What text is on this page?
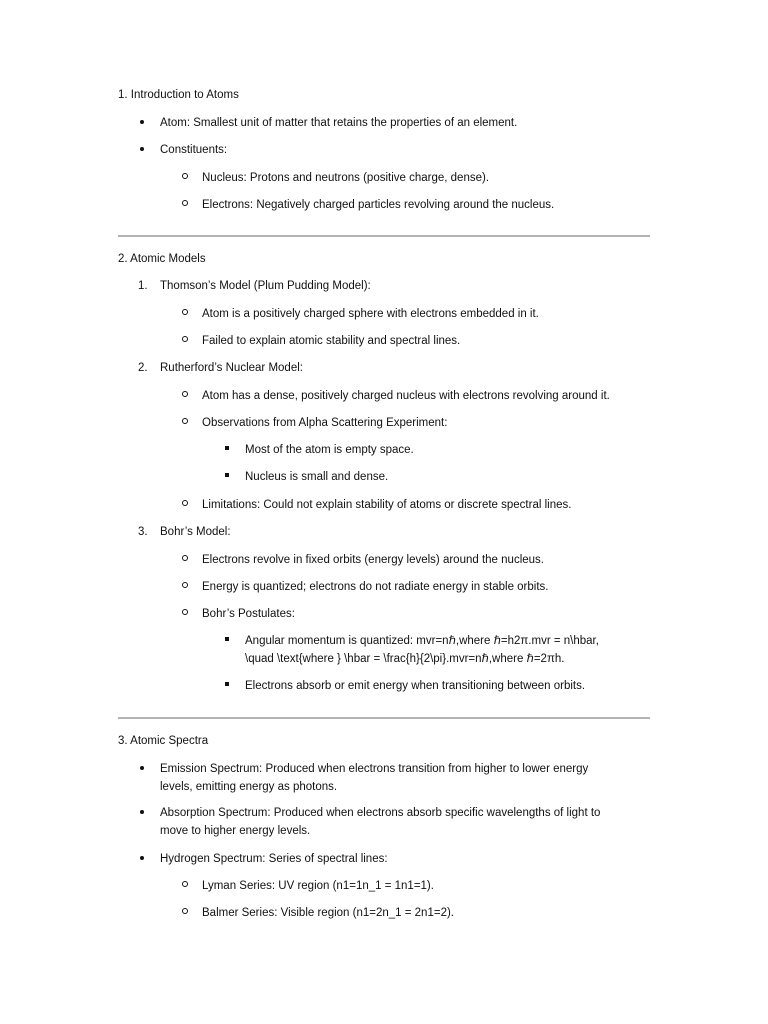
1. Introduction to Atoms
Atom: Smallest unit of matter that retains the properties of an element.
Constituents:
Nucleus: Protons and neutrons (positive charge, dense).
Electrons: Negatively charged particles revolving around the nucleus.
2. Atomic Models
1. Thomson’s Model (Plum Pudding Model):
Atom is a positively charged sphere with electrons embedded in it.
Failed to explain atomic stability and spectral lines.
2. Rutherford’s Nuclear Model:
Atom has a dense, positively charged nucleus with electrons revolving around it.
Observations from Alpha Scattering Experiment:
Most of the atom is empty space.
Nucleus is small and dense.
Limitations: Could not explain stability of atoms or discrete spectral lines.
3. Bohr’s Model:
Electrons revolve in fixed orbits (energy levels) around the nucleus.
Energy is quantized; electrons do not radiate energy in stable orbits.
Bohr’s Postulates:
Angular momentum is quantized: mvr=nℏ,where ℏ=h2π.mvr = n\hbar,
\quad \text{where } \hbar = \frac{h}{2\pi}.mvr=nℏ,where ℏ=2πh.
Electrons absorb or emit energy when transitioning between orbits.
3. Atomic Spectra
Emission Spectrum: Produced when electrons transition from higher to lower energy
levels, emitting energy as photons.
Absorption Spectrum: Produced when electrons absorb specific wavelengths of light to
move to higher energy levels.
Hydrogen Spectrum: Series of spectral lines:
Lyman Series: UV region (n1=1n_1 = 1n1=1).
Balmer Series: Visible region (n1=2n_1 = 2n1=2).
